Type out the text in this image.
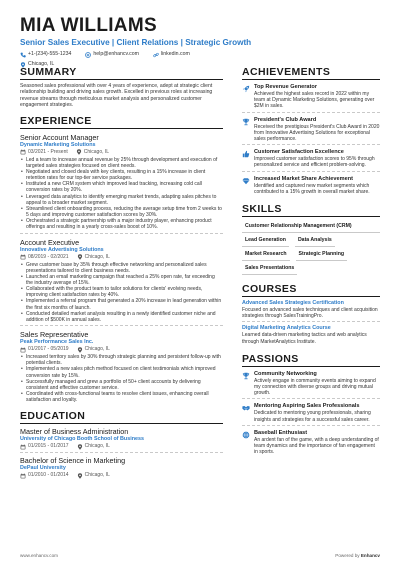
MIA WILLIAMS
Senior Sales Executive | Client Relations | Strategic Growth
+1-(234)-555-1234	help@enhancv.com	linkedin.com
Chicago, IL
SUMMARY
Seasoned sales professional with over 4 years of experience, adept at strategic client relationship building and driving sales growth. Excelled in previous roles at increasing revenue streams through meticulous market analysis and personalized customer engagement strategies.
EXPERIENCE
Senior Account Manager
Dynamic Marketing Solutions
03/2021 - Present	Chicago, IL
• Led a team to increase annual revenue by 25% through development and execution of targeted sales strategies focused on client needs.
• Negotiated and closed deals with key clients, resulting in a 15% increase in client retention rates for our top-tier service packages.
• Instituted a new CRM system which improved lead tracking, increasing cold call conversion rates by 20%.
• Leveraged data analytics to identify emerging market trends, adapting sales pitches to appeal to a broader market segment.
• Streamlined client onboarding process, reducing the average setup time from 2 weeks to 5 days and improving customer satisfaction scores by 30%.
• Orchestrated a strategic partnership with a major industry player, enhancing product offerings and resulting in a yearly cross-sales boost of 10%.
Account Executive
Innovative Advertising Solutions
08/2019 - 02/2021	Chicago, IL
• Grew customer base by 35% through effective networking and personalized sales presentations tailored to client business needs.
• Launched an email marketing campaign that reached a 25% open rate, far exceeding the industry average of 15%.
• Collaborated with the product team to tailor solutions for clients' evolving needs, improving client satisfaction rates by 40%.
• Implemented a referral program that generated a 20% increase in lead generation within the first six months of launch.
• Conducted detailed market analysis resulting in a newly identified customer niche and addition of $500K in annual sales.
Sales Representative
Peak Performance Sales Inc.
01/2017 - 05/2019	Chicago, IL
• Increased territory sales by 30% through strategic planning and persistent follow-up with potential clients.
• Implemented a new sales pitch method focused on client testimonials which improved conversion rate by 15%.
• Successfully managed and grew a portfolio of 50+ client accounts by delivering consistent and effective customer service.
• Coordinated with cross-functional teams to resolve client issues, enhancing overall satisfaction and loyalty.
EDUCATION
Master of Business Administration
University of Chicago Booth School of Business
01/2015 - 01/2017	Chicago, IL
Bachelor of Science in Marketing
DePaul University
01/2010 - 01/2014	Chicago, IL
ACHIEVEMENTS
Top Revenue Generator
Achieved the highest sales record in 2022 within my team at Dynamic Marketing Solutions, generating over $2M in sales.
President's Club Award
Received the prestigious President's Club Award in 2020 from Innovative Advertising Solutions for exceptional sales performance.
Customer Satisfaction Excellence
Improved customer satisfaction scores to 95% through personalized service and efficient problem-solving.
Increased Market Share Achievement
Identified and captured new market segments which contributed to a 15% growth in overall market share.
SKILLS
Customer Relationship Management (CRM)
Lead Generation	Data Analysis
Market Research	Strategic Planning
Sales Presentations
COURSES
Advanced Sales Strategies Certification
Focused on advanced sales techniques and client acquisition strategies through SalesTrainingPro.
Digital Marketing Analytics Course
Learned data-driven marketing tactics and web analytics through MarketAnalytics Institute.
PASSIONS
Community Networking
Actively engage in community events aiming to expand my connection with diverse groups and driving mutual growth.
Mentoring Aspiring Sales Professionals
Dedicated to mentoring young professionals, sharing insights and strategies for a successful sales career.
Baseball Enthusiast
An ardent fan of the game, with a deep understanding of team dynamics and the importance of fan engagement in sports.
www.enhancv.com	Powered by Enhancv
